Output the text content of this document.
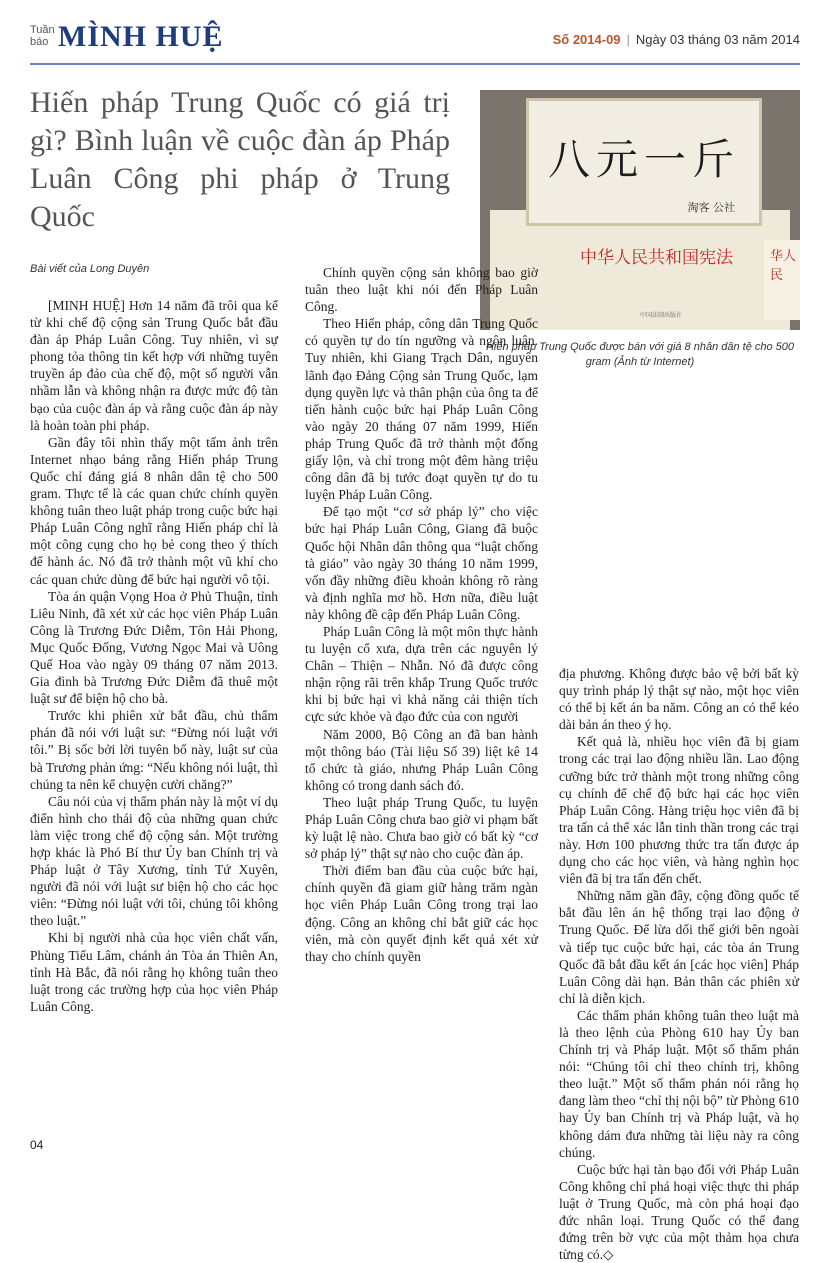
Tuần
báo MÌNH HUỆ	Số 2014-09 | Ngày 03 tháng 03 năm 2014
Hiến pháp Trung Quốc có giá trị gì? Bình luận về cuộc đàn áp Pháp Luân Công phi pháp ở Trung Quốc
华人民
中华人民共和国宪法
中国法制出版社
八元一斤
淘客 公社

Hiến pháp Trung Quốc được bán với giá 8 nhân dân tệ cho 500 gram (Ảnh từ Internet)

Bài viết của Long Duyên

[MINH HUỆ] Hơn 14 năm đã trôi qua kể từ khi chế độ cộng sản Trung Quốc bắt đầu đàn áp Pháp Luân Công. Tuy nhiên, vì sự phong tỏa thông tin kết hợp với những tuyên truyền áp đảo của chế độ, một số người vẫn nhầm lẫn và không nhận ra được mức độ tàn bạo của cuộc đàn áp và rằng cuộc đàn áp này là hoàn toàn phi pháp.

Gần đây tôi nhìn thấy một tấm ảnh trên Internet nhạo báng rằng Hiến pháp Trung Quốc chỉ đáng giá 8 nhân dân tệ cho 500 gram. Thực tế là các quan chức chính quyền không tuân theo luật pháp trong cuộc bức hại Pháp Luân Công nghĩ rằng Hiến pháp chỉ là một công cụng cho họ bẻ cong theo ý thích để hành ác. Nó đã trở thành một vũ khí cho các quan chức dùng để bức hại người vô tội.

Tòa án quận Vọng Hoa ở Phủ Thuận, tỉnh Liêu Ninh, đã xét xử các học viên Pháp Luân Công là Trương Đức Diễm, Tôn Hải Phong, Mục Quốc Đống, Vương Ngọc Mai và Uông Quế Hoa vào ngày 09 tháng 07 năm 2013. Gia đình bà Trương Đức Diễm đã thuê một luật sư để biện hộ cho bà.

Trước khi phiên xử bắt đầu, chủ thẩm phán đã nói với luật sư: “Đừng nói luật với tôi.” Bị sốc bởi lời tuyên bố này, luật sư của bà Trương phản ứng: “Nếu không nói luật, thì chúng ta nên kể chuyện cười chăng?”

Câu nói của vị thẩm phán này là một ví dụ điển hình cho thái độ của những quan chức làm việc trong chế độ cộng sản. Một trường hợp khác là Phó Bí thư Ủy ban Chính trị và Pháp luật ở Tây Xương, tỉnh Tứ Xuyên, người đã nói với luật sư biện hộ cho các học viên: “Đừng nói luật với tôi, chúng tôi không theo luật.”

Khi bị người nhà của học viên chất vấn, Phùng Tiểu Lâm, chánh án Tòa án Thiên An, tỉnh Hà Bắc, đã nói rằng họ không tuân theo luật trong các trường hợp của học viên Pháp Luân Công.

Chính quyền cộng sản không bao giờ tuân theo luật khi nói đến Pháp Luân Công.

Theo Hiến pháp, công dân Trung Quốc có quyền tự do tín ngưỡng và ngôn luận. Tuy nhiên, khi Giang Trạch Dân, nguyên lãnh đạo Đảng Cộng sản Trung Quốc, lạm dụng quyền lực và thân phận của ông ta để tiến hành cuộc bức hại Pháp Luân Công vào ngày 20 tháng 07 năm 1999, Hiến pháp Trung Quốc đã trở thành một đống giấy lộn, và chỉ trong một đêm hàng triệu công dân đã bị tước đoạt quyền tự do tu luyện Pháp Luân Công.

Để tạo một “cơ sở pháp lý” cho việc bức hại Pháp Luân Công, Giang đã buộc Quốc hội Nhân dân thông qua “luật chống tà giáo” vào ngày 30 tháng 10 năm 1999, vốn đầy những điều khoản không rõ ràng và định nghĩa mơ hồ. Hơn nữa, điều luật này không đề cập đến Pháp Luân Công.

Pháp Luân Công là một môn thực hành tu luyện cổ xưa, dựa trên các nguyên lý Chân – Thiện – Nhẫn. Nó đã được công nhận rộng rãi trên khắp Trung Quốc trước khi bị bức hại vì khả năng cải thiện tích cực sức khỏe và đạo đức của con người

Năm 2000, Bộ Công an đã ban hành một thông báo (Tài liệu Số 39) liệt kê 14 tổ chức tà giáo, nhưng Pháp Luân Công không có trong danh sách đó.

Theo luật pháp Trung Quốc, tu luyện Pháp Luân Công chưa bao giờ vi phạm bất kỳ luật lệ nào. Chưa bao giờ có bất kỳ “cơ sở pháp lý” thật sự nào cho cuộc đàn áp.

Thời điểm ban đầu của cuộc bức hại, chính quyền đã giam giữ hàng trăm ngàn học viên Pháp Luân Công trong trại lao động. Công an không chỉ bắt giữ các học viên, mà còn quyết định kết quả xét xử thay cho chính quyền

địa phương. Không được bảo vệ bởi bất kỳ quy trình pháp lý thật sự nào, một học viên có thể bị kết án ba năm. Công an có thể kéo dài bản án theo ý họ.

Kết quả là, nhiều học viên đã bị giam trong các trại lao động nhiều lần. Lao động cưỡng bức trở thành một trong những công cụ chính để chế độ bức hại các học viên Pháp Luân Công. Hàng triệu học viên đã bị tra tấn cả thể xác lẫn tinh thần trong các trại này. Hơn 100 phương thức tra tấn được áp dụng cho các học viên, và hàng nghìn học viên đã bị tra tấn đến chết.

Những năm gần đây, cộng đồng quốc tế bắt đầu lên án hệ thống trại lao động ở Trung Quốc. Để lừa dối thế giới bên ngoài và tiếp tục cuộc bức hại, các tòa án Trung Quốc đã bắt đầu kết án [các học viên] Pháp Luân Công dài hạn. Bản thân các phiên xử chỉ là diễn kịch.

Các thẩm phán không tuân theo luật mà là theo lệnh của Phòng 610 hay Ủy ban Chính trị và Pháp luật. Một số thẩm phán nói: “Chúng tôi chỉ theo chính trị, không theo luật.” Một số thẩm phán nói rằng họ đang làm theo “chỉ thị nội bộ” từ Phòng 610 hay Ủy ban Chính trị và Pháp luật, và họ không dám đưa những tài liệu này ra công chúng.

Cuộc bức hại tàn bạo đối với Pháp Luân Công không chỉ phá hoại việc thực thi pháp luật ở Trung Quốc, mà còn phá hoại đạo đức nhân loại. Trung Quốc có thể đang đứng trên bờ vực của một thảm họa chưa từng có.◇

04
